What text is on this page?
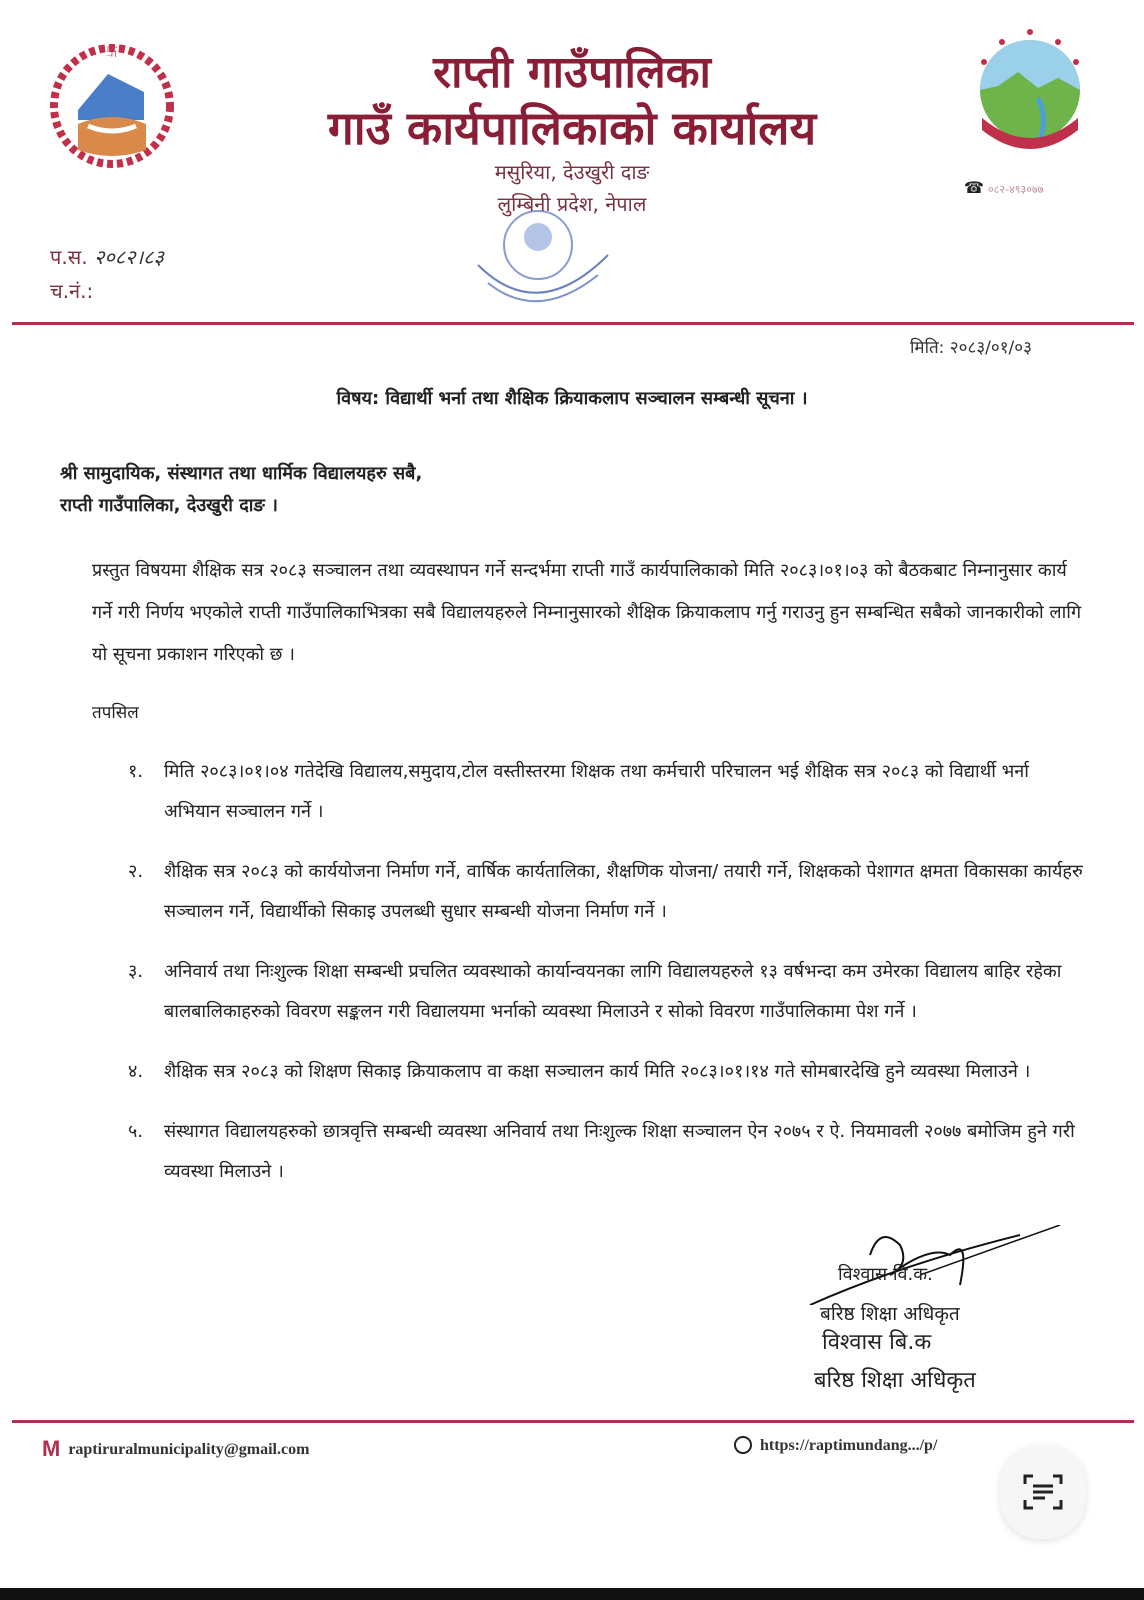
卐	राप्ती गाउँपालिका
गाउँ कार्यपालिकाको कार्यालय
मसुरिया, देउखुरी दाङ
लुम्बिनी प्रदेश, नेपाल
☎ ०८२-४९३०७७
प.स. २०८२।८३
च.नं.:
मिति: २०८३/०१/०३
विषय: विद्यार्थी भर्ना तथा शैक्षिक क्रियाकलाप सञ्चालन सम्बन्धी सूचना ।
श्री सामुदायिक, संस्थागत तथा धार्मिक विद्यालयहरु सबै,
राप्ती गाउँपालिका, देउखुरी दाङ ।
प्रस्तुत विषयमा शैक्षिक सत्र २०८३ सञ्चालन तथा व्यवस्थापन गर्ने सन्दर्भमा राप्ती गाउँ कार्यपालिकाको मिति २०८३।०१।०३ को बैठकबाट निम्नानुसार कार्य गर्ने गरी निर्णय भएकोले राप्ती गाउँपालिकाभित्रका सबै विद्यालयहरुले निम्नानुसारको शैक्षिक क्रियाकलाप गर्नु गराउनु हुन सम्बन्धित सबैको जानकारीको लागि यो सूचना प्रकाशन गरिएको छ ।
तपसिल
१.	मिति २०८३।०१।०४ गतेदेखि विद्यालय,समुदाय,टोल वस्तीस्तरमा शिक्षक तथा कर्मचारी परिचालन भई शैक्षिक सत्र २०८३ को विद्यार्थी भर्ना अभियान सञ्चालन गर्ने ।
२.	शैक्षिक सत्र २०८३ को कार्ययोजना निर्माण गर्ने, वार्षिक कार्यतालिका, शैक्षणिक योजना/ तयारी गर्ने, शिक्षकको पेशागत क्षमता विकासका कार्यहरु सञ्चालन गर्ने, विद्यार्थीको सिकाइ उपलब्धी सुधार सम्बन्धी योजना निर्माण गर्ने ।
३.	अनिवार्य तथा निःशुल्क शिक्षा सम्बन्धी प्रचलित व्यवस्थाको कार्यान्वयनका लागि विद्यालयहरुले १३ वर्षभन्दा कम उमेरका विद्यालय बाहिर रहेका बालबालिकाहरुको विवरण सङ्कलन गरी विद्यालयमा भर्नाको व्यवस्था मिलाउने र सोको विवरण गाउँपालिकामा पेश गर्ने ।
४.	शैक्षिक सत्र २०८३ को शिक्षण सिकाइ क्रियाकलाप वा कक्षा सञ्चालन कार्य मिति २०८३।०१।१४ गते सोमबारदेखि हुने व्यवस्था मिलाउने ।
५.	संस्थागत विद्यालयहरुको छात्रवृत्ति सम्बन्धी व्यवस्था अनिवार्य तथा निःशुल्क शिक्षा सञ्चालन ऐन २०७५ र ऐ. नियमावली २०७७ बमोजिम हुने गरी व्यवस्था मिलाउने ।
विश्वास वि.क.
बरिष्ठ शिक्षा अधिकृत
विश्वास बि.क
बरिष्ठ शिक्षा अधिकृत
M raptiruralmunicipality@gmail.com	https://raptimundang.../p/
